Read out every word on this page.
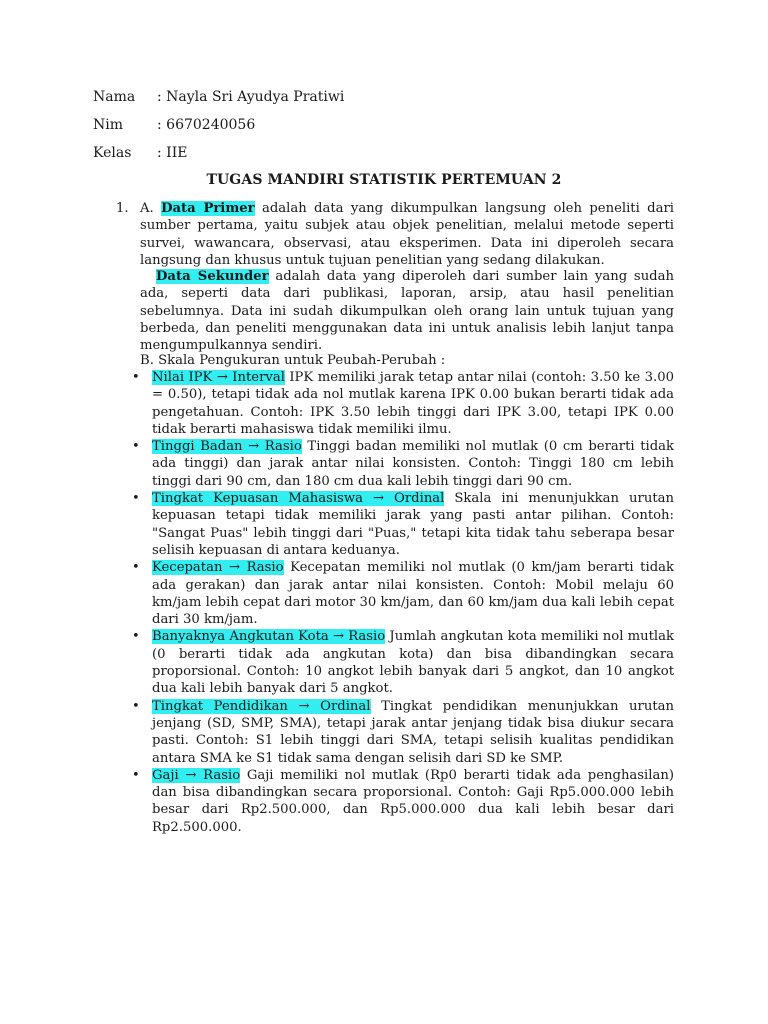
Nama : Nayla Sri Ayudya Pratiwi
Nim : 6670240056
Kelas : IIE
TUGAS MANDIRI STATISTIK PERTEMUAN 2
1. A. Data Primer adalah data yang dikumpulkan langsung oleh peneliti dari sumber pertama, yaitu subjek atau objek penelitian, melalui metode seperti survei, wawancara, observasi, atau eksperimen. Data ini diperoleh secara langsung dan khusus untuk tujuan penelitian yang sedang dilakukan.
Data Sekunder adalah data yang diperoleh dari sumber lain yang sudah ada, seperti data dari publikasi, laporan, arsip, atau hasil penelitian sebelumnya. Data ini sudah dikumpulkan oleh orang lain untuk tujuan yang berbeda, dan peneliti menggunakan data ini untuk analisis lebih lanjut tanpa mengumpulkannya sendiri.
B. Skala Pengukuran untuk Peubah-Perubah :
• Nilai IPK → Interval IPK memiliki jarak tetap antar nilai (contoh: 3.50 ke 3.00 = 0.50), tetapi tidak ada nol mutlak karena IPK 0.00 bukan berarti tidak ada pengetahuan. Contoh: IPK 3.50 lebih tinggi dari IPK 3.00, tetapi IPK 0.00 tidak berarti mahasiswa tidak memiliki ilmu.
• Tinggi Badan → Rasio Tinggi badan memiliki nol mutlak (0 cm berarti tidak ada tinggi) dan jarak antar nilai konsisten. Contoh: Tinggi 180 cm lebih tinggi dari 90 cm, dan 180 cm dua kali lebih tinggi dari 90 cm.
• Tingkat Kepuasan Mahasiswa → Ordinal Skala ini menunjukkan urutan kepuasan tetapi tidak memiliki jarak yang pasti antar pilihan. Contoh: "Sangat Puas" lebih tinggi dari "Puas," tetapi kita tidak tahu seberapa besar selisih kepuasan di antara keduanya.
• Kecepatan → Rasio Kecepatan memiliki nol mutlak (0 km/jam berarti tidak ada gerakan) dan jarak antar nilai konsisten. Contoh: Mobil melaju 60 km/jam lebih cepat dari motor 30 km/jam, dan 60 km/jam dua kali lebih cepat dari 30 km/jam.
• Banyaknya Angkutan Kota → Rasio Jumlah angkutan kota memiliki nol mutlak (0 berarti tidak ada angkutan kota) dan bisa dibandingkan secara proporsional. Contoh: 10 angkot lebih banyak dari 5 angkot, dan 10 angkot dua kali lebih banyak dari 5 angkot.
• Tingkat Pendidikan → Ordinal Tingkat pendidikan menunjukkan urutan jenjang (SD, SMP, SMA), tetapi jarak antar jenjang tidak bisa diukur secara pasti. Contoh: S1 lebih tinggi dari SMA, tetapi selisih kualitas pendidikan antara SMA ke S1 tidak sama dengan selisih dari SD ke SMP.
• Gaji → Rasio Gaji memiliki nol mutlak (Rp0 berarti tidak ada penghasilan) dan bisa dibandingkan secara proporsional. Contoh: Gaji Rp5.000.000 lebih besar dari Rp2.500.000, dan Rp5.000.000 dua kali lebih besar dari Rp2.500.000.
